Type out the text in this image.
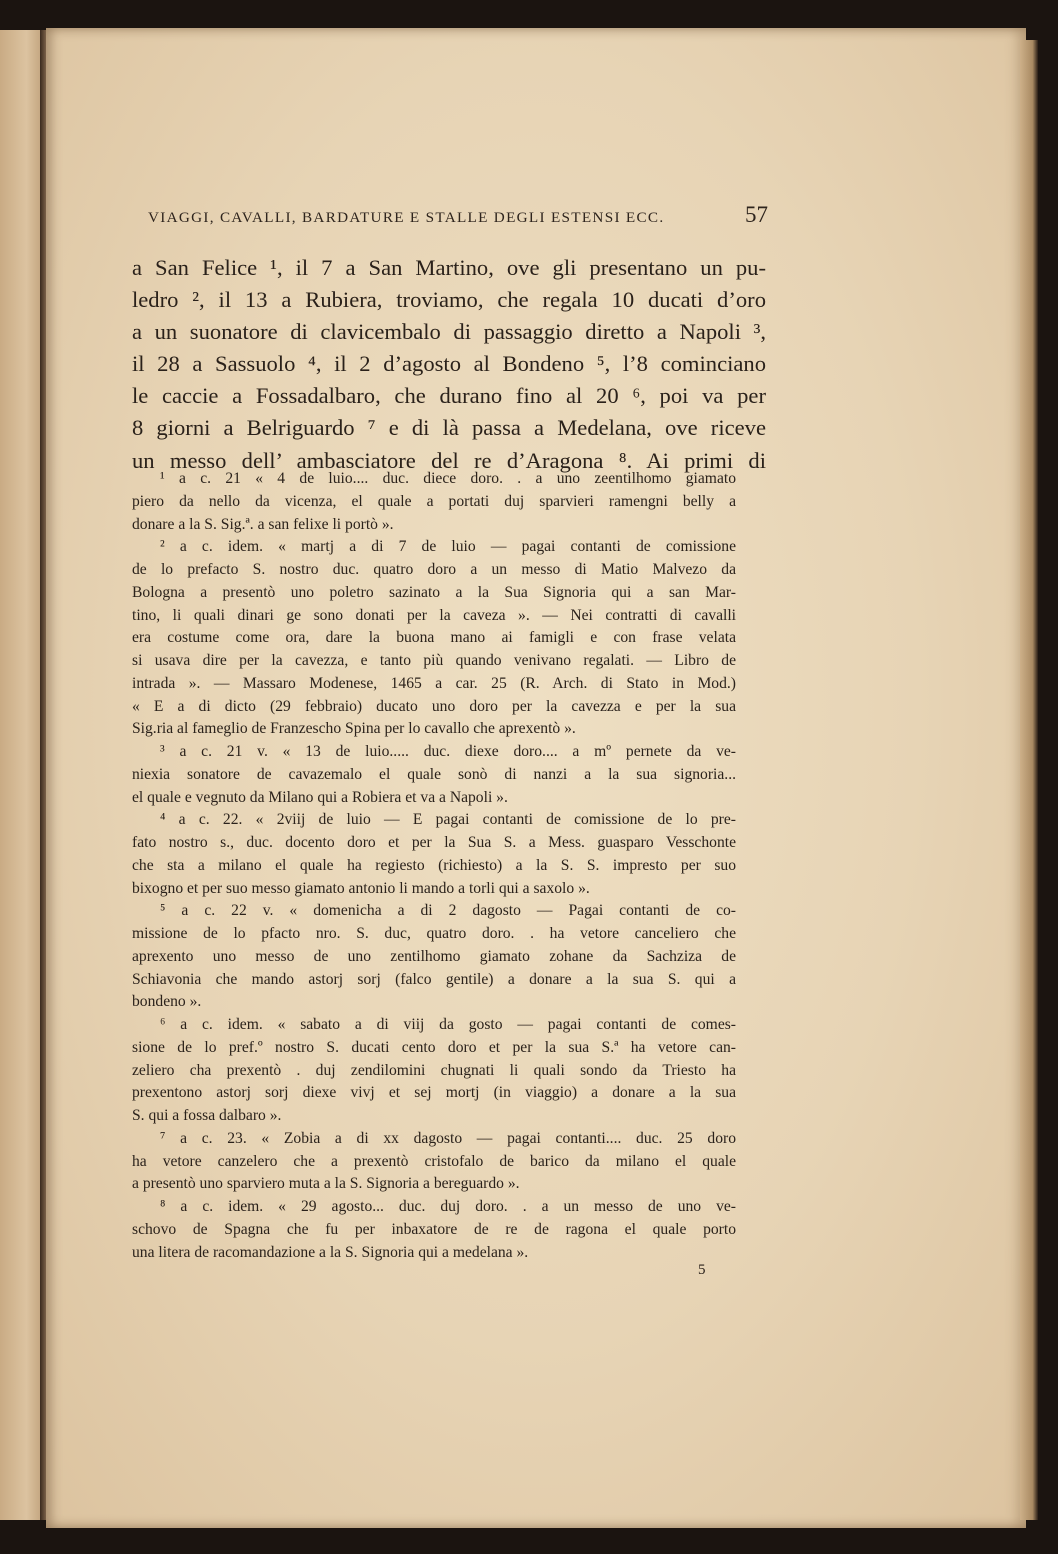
VIAGGI, CAVALLI, BARDATURE E STALLE DEGLI ESTENSI ECC.	57

a San Felice ¹, il 7 a San Martino, ove gli presentano un pu-

ledro ², il 13 a Rubiera, troviamo, che regala 10 ducati d’oro

a un suonatore di clavicembalo di passaggio diretto a Napoli ³,

il 28 a Sassuolo ⁴, il 2 d’agosto al Bondeno ⁵, l’8 cominciano

le caccie a Fossadalbaro, che durano fino al 20 ⁶, poi va per

8 giorni a Belriguardo ⁷ e di là passa a Medelana, ove riceve

un messo dell’ ambasciatore del re d’Aragona ⁸. Ai primi di

¹ a c. 21 « 4 de luio.... duc. diece doro. . a uno zeentilhomo giamato

piero da nello da vicenza, el quale a portati duj sparvieri ramengni belly a

donare a la S. Sig.ª. a san felixe li portò ».

² a c. idem. « martj a di 7 de luio — pagai contanti de comissione

de lo prefacto S. nostro duc. quatro doro a un messo di Matio Malvezo da

Bologna a presentò uno poletro sazinato a la Sua Signoria qui a san Mar-

tino, li quali dinari ge sono donati per la caveza ». — Nei contratti di cavalli

era costume come ora, dare la buona mano ai famigli e con frase velata

si usava dire per la cavezza, e tanto più quando venivano regalati. — Libro de

intrada ». — Massaro Modenese, 1465 a car. 25 (R. Arch. di Stato in Mod.)

« E a di dicto (29 febbraio) ducato uno doro per la cavezza e per la sua

Sig.ria al fameglio de Franzescho Spina per lo cavallo che aprexentò ».

³ a c. 21 v. « 13 de luio..... duc. diexe doro.... a mº pernete da ve-

niexia sonatore de cavazemalo el quale sonò di nanzi a la sua signoria...

el quale e vegnuto da Milano qui a Robiera et va a Napoli ».

⁴ a c. 22. « 2viij de luio — E pagai contanti de comissione de lo pre-

fato nostro s., duc. docento doro et per la Sua S. a Mess. guasparo Vesschonte

che sta a milano el quale ha regiesto (richiesto) a la S. S. impresto per suo

bixogno et per suo messo giamato antonio li mando a torli qui a saxolo ».

⁵ a c. 22 v. « domenicha a di 2 dagosto — Pagai contanti de co-

missione de lo pfacto nro. S. duc, quatro doro. . ha vetore canceliero che

aprexento uno messo de uno zentilhomo giamato zohane da Sachziza de

Schiavonia che mando astorj sorj (falco gentile) a donare a la sua S. qui a

bondeno ».

⁶ a c. idem. « sabato a di viij da gosto — pagai contanti de comes-

sione de lo pref.º nostro S. ducati cento doro et per la sua S.ª ha vetore can-

zeliero cha prexentò . duj zendilomini chugnati li quali sondo da Triesto ha

prexentono astorj sorj diexe vivj et sej mortj (in viaggio) a donare a la sua

S. qui a fossa dalbaro ».

⁷ a c. 23. « Zobia a di xx dagosto — pagai contanti.... duc. 25 doro

ha vetore canzelero che a prexentò cristofalo de barico da milano el quale

a presentò uno sparviero muta a la S. Signoria a bereguardo ».

⁸ a c. idem. « 29 agosto... duc. duj doro. . a un messo de uno ve-

schovo de Spagna che fu per inbaxatore de re de ragona el quale porto

una litera de racomandazione a la S. Signoria qui a medelana ».

5
